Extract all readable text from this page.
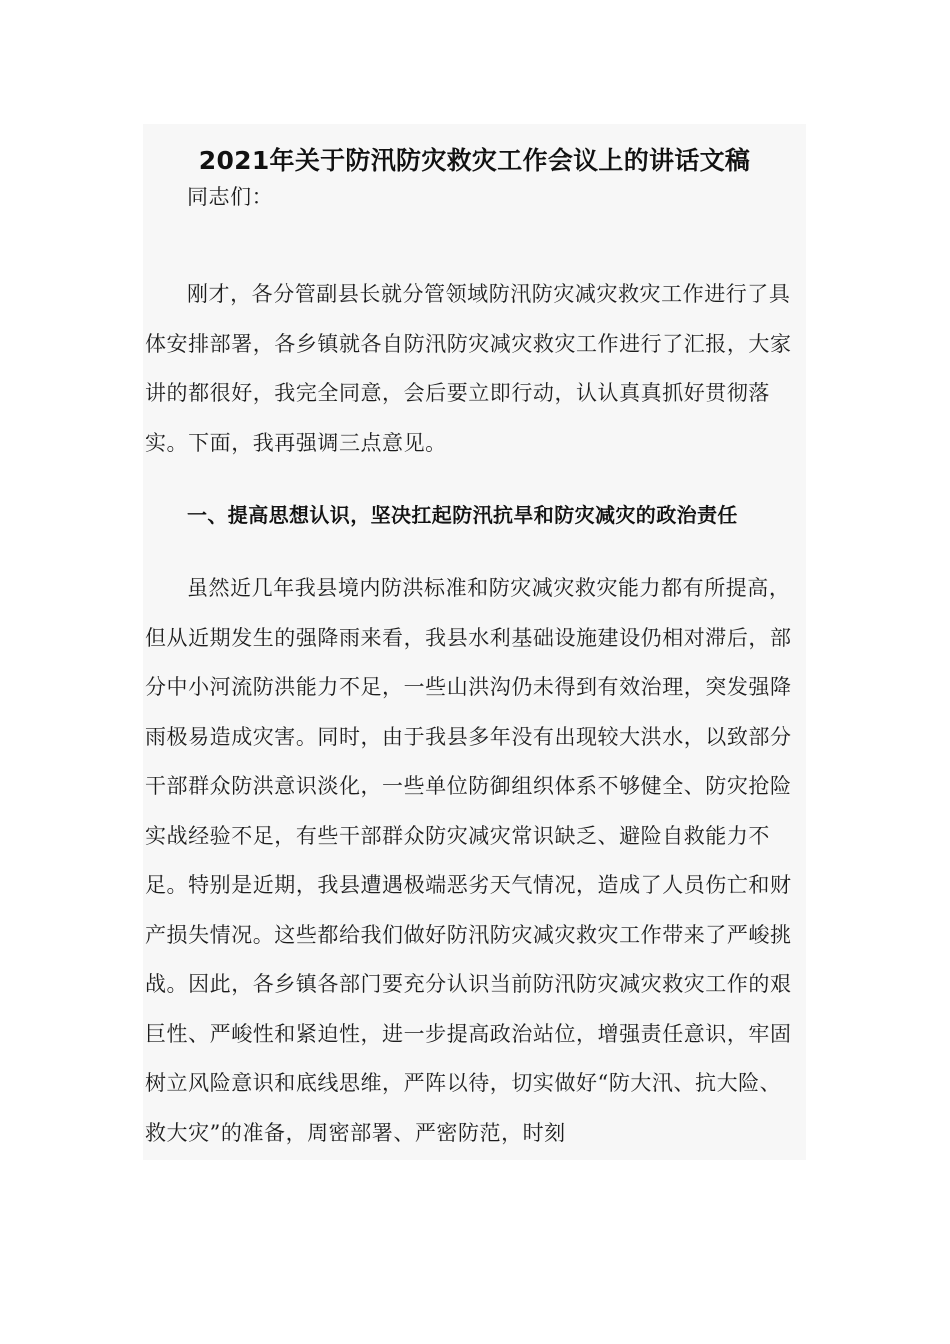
2021年关于防汛防灾救灾工作会议上的讲话文稿

同志们：

刚才，各分管副县长就分管领域防汛防灾减灾救灾工作进行了具体安排部署，各乡镇就各自防汛防灾减灾救灾工作进行了汇报，大家讲的都很好，我完全同意，会后要立即行动，认认真真抓好贯彻落实。下面，我再强调三点意见。

一、提高思想认识，坚决扛起防汛抗旱和防灾减灾的政治责任

虽然近几年我县境内防洪标准和防灾减灾救灾能力都有所提高，但从近期发生的强降雨来看，我县水利基础设施建设仍相对滞后，部分中小河流防洪能力不足，一些山洪沟仍未得到有效治理，突发强降雨极易造成灾害。同时，由于我县多年没有出现较大洪水，以致部分干部群众防洪意识淡化，一些单位防御组织体系不够健全、防灾抢险实战经验不足，有些干部群众防灾减灾常识缺乏、避险自救能力不足。特别是近期，我县遭遇极端恶劣天气情况，造成了人员伤亡和财产损失情况。这些都给我们做好防汛防灾减灾救灾工作带来了严峻挑战。因此，各乡镇各部门要充分认识当前防汛防灾减灾救灾工作的艰巨性、严峻性和紧迫性，进一步提高政治站位，增强责任意识，牢固树立风险意识和底线思维，严阵以待，切实做好“防大汛、抗大险、救大灾”的准备，周密部署、严密防范，时刻
